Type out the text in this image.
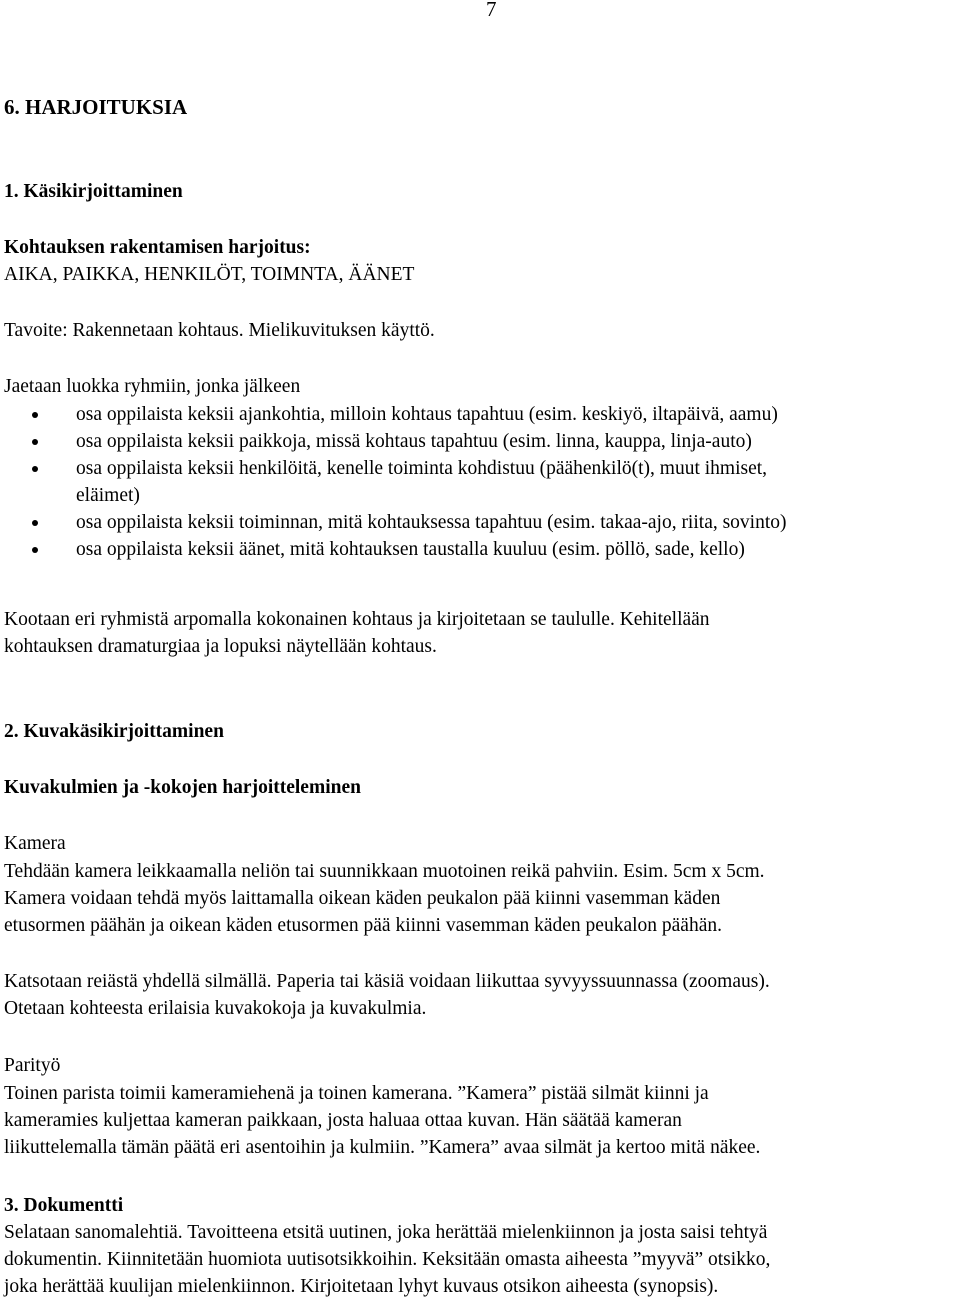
7
6. HARJOITUKSIA
1. Käsikirjoittaminen
Kohtauksen rakentamisen harjoitus:
AIKA, PAIKKA, HENKILÖT, TOIMNTA, ÄÄNET
Tavoite: Rakennetaan kohtaus. Mielikuvituksen käyttö.
Jaetaan luokka ryhmiin, jonka jälkeen
osa oppilaista keksii ajankohtia, milloin kohtaus tapahtuu (esim. keskiyö, iltapäivä, aamu)
osa oppilaista keksii paikkoja, missä kohtaus tapahtuu (esim. linna, kauppa, linja-auto)
osa oppilaista keksii henkilöitä, kenelle toiminta kohdistuu (päähenkilö(t), muut ihmiset,
eläimet)
osa oppilaista keksii toiminnan, mitä kohtauksessa tapahtuu (esim. takaa-ajo, riita, sovinto)
osa oppilaista keksii äänet, mitä kohtauksen taustalla kuuluu (esim. pöllö, sade, kello)
Kootaan eri ryhmistä arpomalla kokonainen kohtaus ja kirjoitetaan se taululle. Kehitellään
kohtauksen dramaturgiaa ja lopuksi näytellään kohtaus.
2. Kuvakäsikirjoittaminen
Kuvakulmien ja -kokojen harjoitteleminen
Kamera
Tehdään kamera leikkaamalla neliön tai suunnikkaan muotoinen reikä pahviin. Esim. 5cm x 5cm.
Kamera voidaan tehdä myös laittamalla oikean käden peukalon pää kiinni vasemman käden
etusormen päähän ja oikean käden etusormen pää kiinni vasemman käden peukalon päähän.
Katsotaan reiästä yhdellä silmällä. Paperia tai käsiä voidaan liikuttaa syvyyssuunnassa (zoomaus).
Otetaan kohteesta erilaisia kuvakokoja ja kuvakulmia.
Parityö
Toinen parista toimii kameramiehenä ja toinen kamerana. ”Kamera” pistää silmät kiinni ja
kameramies kuljettaa kameran paikkaan, josta haluaa ottaa kuvan. Hän säätää kameran
liikuttelemalla tämän päätä eri asentoihin ja kulmiin. ”Kamera” avaa silmät ja kertoo mitä näkee.
3. Dokumentti
Selataan sanomalehtiä. Tavoitteena etsitä uutinen, joka herättää mielenkiinnon ja josta saisi tehtyä
dokumentin. Kiinnitetään huomiota uutisotsikkoihin. Keksitään omasta aiheesta ”myyvä” otsikko,
joka herättää kuulijan mielenkiinnon. Kirjoitetaan lyhyt kuvaus otsikon aiheesta (synopsis).
